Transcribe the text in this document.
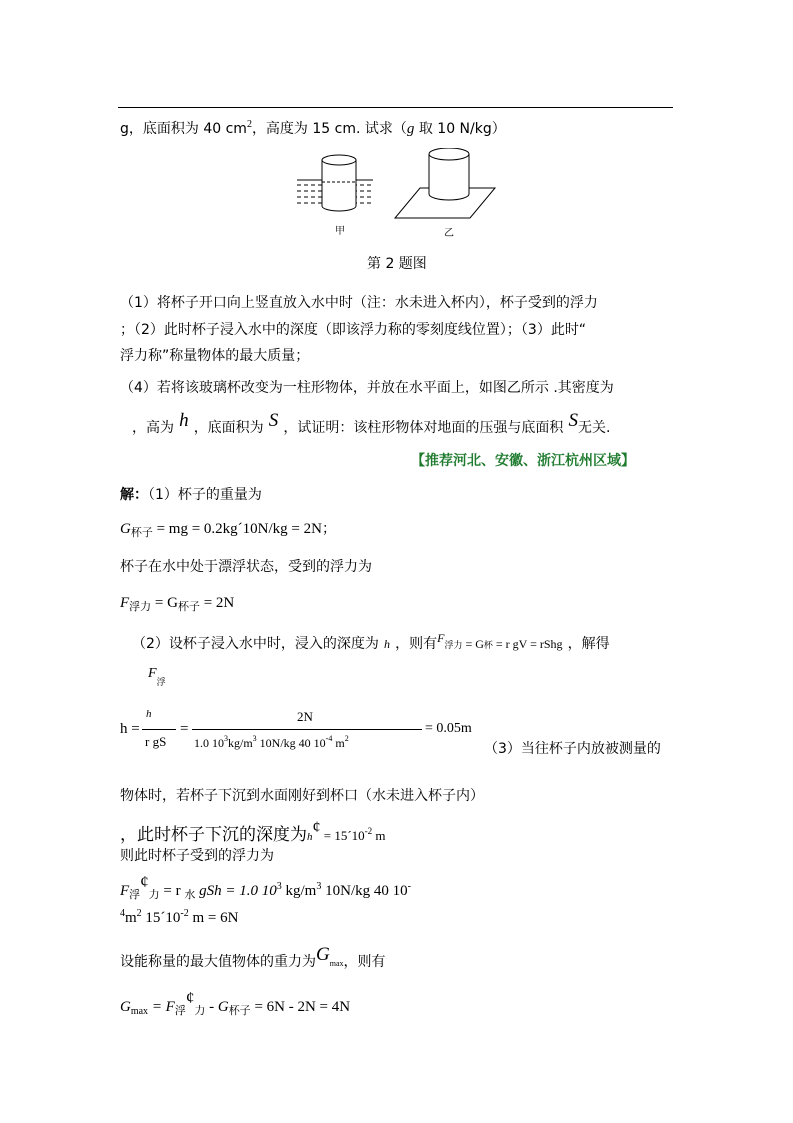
g，底面积为 40 $cm^2$，高度为 15 cm. 试求（g 取 10 N/kg）
甲	乙
第 2 题图
（1）将杯子开口向上竖直放入水中时（注：水未进入杯内），杯子受到的浮力
；（2）此时杯子浸入水中的深度（即该浮力称的零刻度线位置）；（3）此时“
浮力称”称量物体的最大质量；
（4）若将该玻璃杯改变为一柱形物体，并放在水平面上，如图乙所示 .其密度为
，高为 h ，底面积为 S ，试证明：该柱形物体对地面的压强与底面积 S无关.
【推荐河北、安徽、浙江杭州区域】
解：（1）杯子的重量为
$G_{杯子}$ = mg = 0.2kg´10N/kg = 2N；
杯子在水中处于漂浮状态，受到的浮力为
$F_{浮力} = G_{杯子} = 2N$
（2）设杯子浸入水中时，浸入的深度为 h ，则有$^F$浮力 = G杯 = r gV = rShg ，解得
$F_浮$
h =
h
r gS
=
2N
1.0 $10^3kg/m^3$ 10N/kg 40 $10^{-4}$ $m^2$
= 0.05m
（3）当往杯子内放被测量的
物体时，若杯子下沉到水面刚好到杯口（水未进入杯子内）
，此时杯子下沉的深度为h¢ = $15´10^{-2}$ m
则此时杯子受到的浮力为
$F_浮¢_力 = r$ $_水$ gSh = 1.0 $10^3$ $kg/m^3$ 10N/kg 40 10-
$^4m^2$ $15´10^{-2}$ m = 6N
设能称量的最大值物体的重力为Gmax，则有
$G_{max}$ = $F_浮¢_力 - G_{杯子} = 6N - 2N = 4N$
